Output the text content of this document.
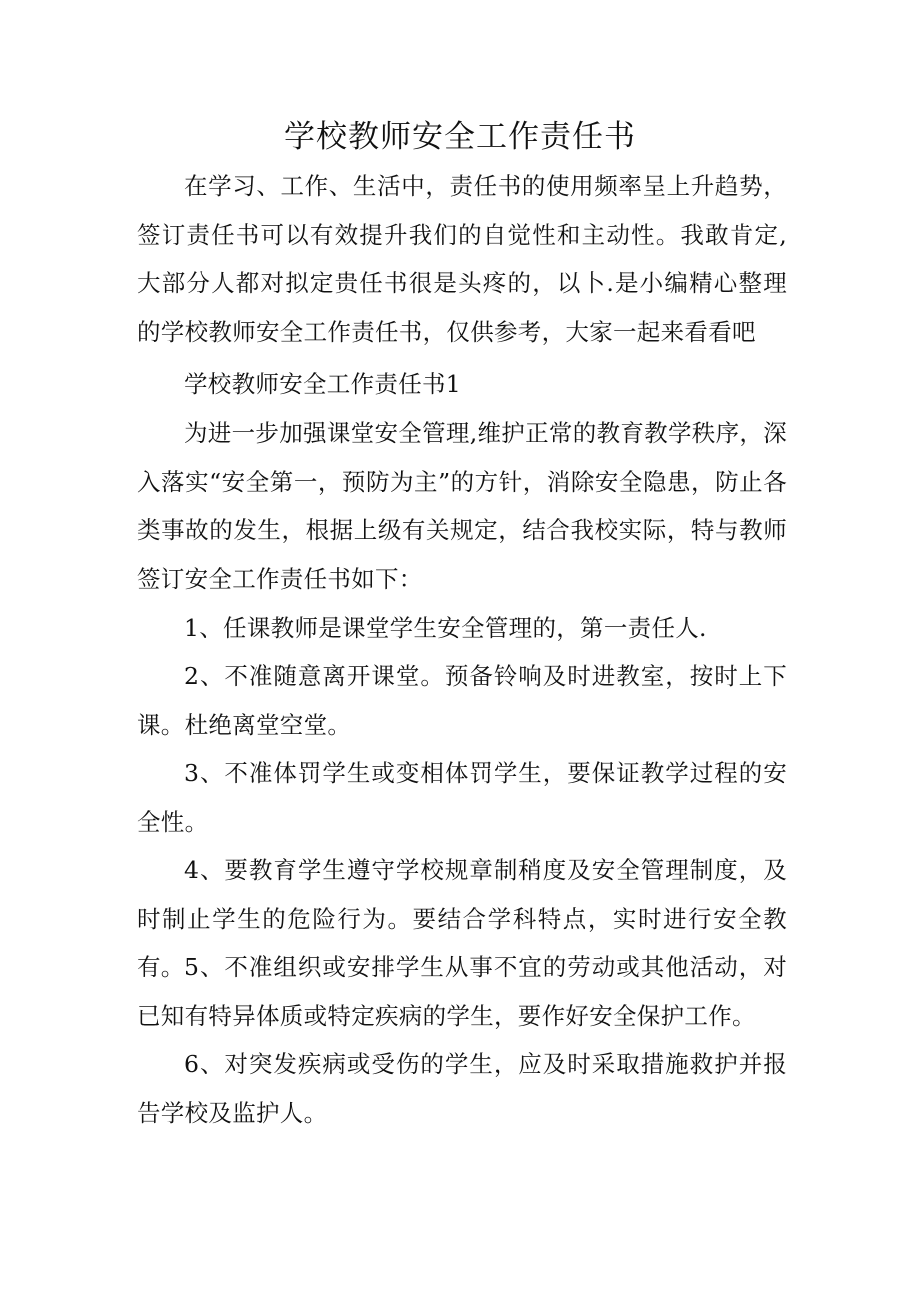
学校教师安全工作责任书

在学习、工作、生活中，责任书的使用频率呈上升趋势，签订责任书可以有效提升我们的自觉性和主动性。我敢肯定,大部分人都对拟定贵任书很是头疼的，以卜.是小编精心整理的学校教师安全工作责任书，仅供参考，大家一起来看看吧

学校教师安全工作责任书1

为进一步加强课堂安全管理,维护正常的教育教学秩序，深入落实“安全第一，预防为主”的方针，消除安全隐患，防止各类事故的发生，根据上级有关规定，结合我校实际，特与教师签订安全工作责任书如下：

1、任课教师是课堂学生安全管理的，第一责任人.

2、不准随意离开课堂。预备铃响及时进教室，按时上下课。杜绝离堂空堂。

3、不准体罚学生或变相体罚学生，要保证教学过程的安全性。

4、要教育学生遵守学校规章制稍度及安全管理制度，及时制止学生的危险行为。要结合学科特点，实时进行安全教有。 5、不准组织或安排学生从事不宜的劳动或其他活动，对已知有特异体质或特定疾病的学生，要作好安全保护工作。

6、对突发疾病或受伤的学生，应及时采取措施救护并报告学校及监护人。
